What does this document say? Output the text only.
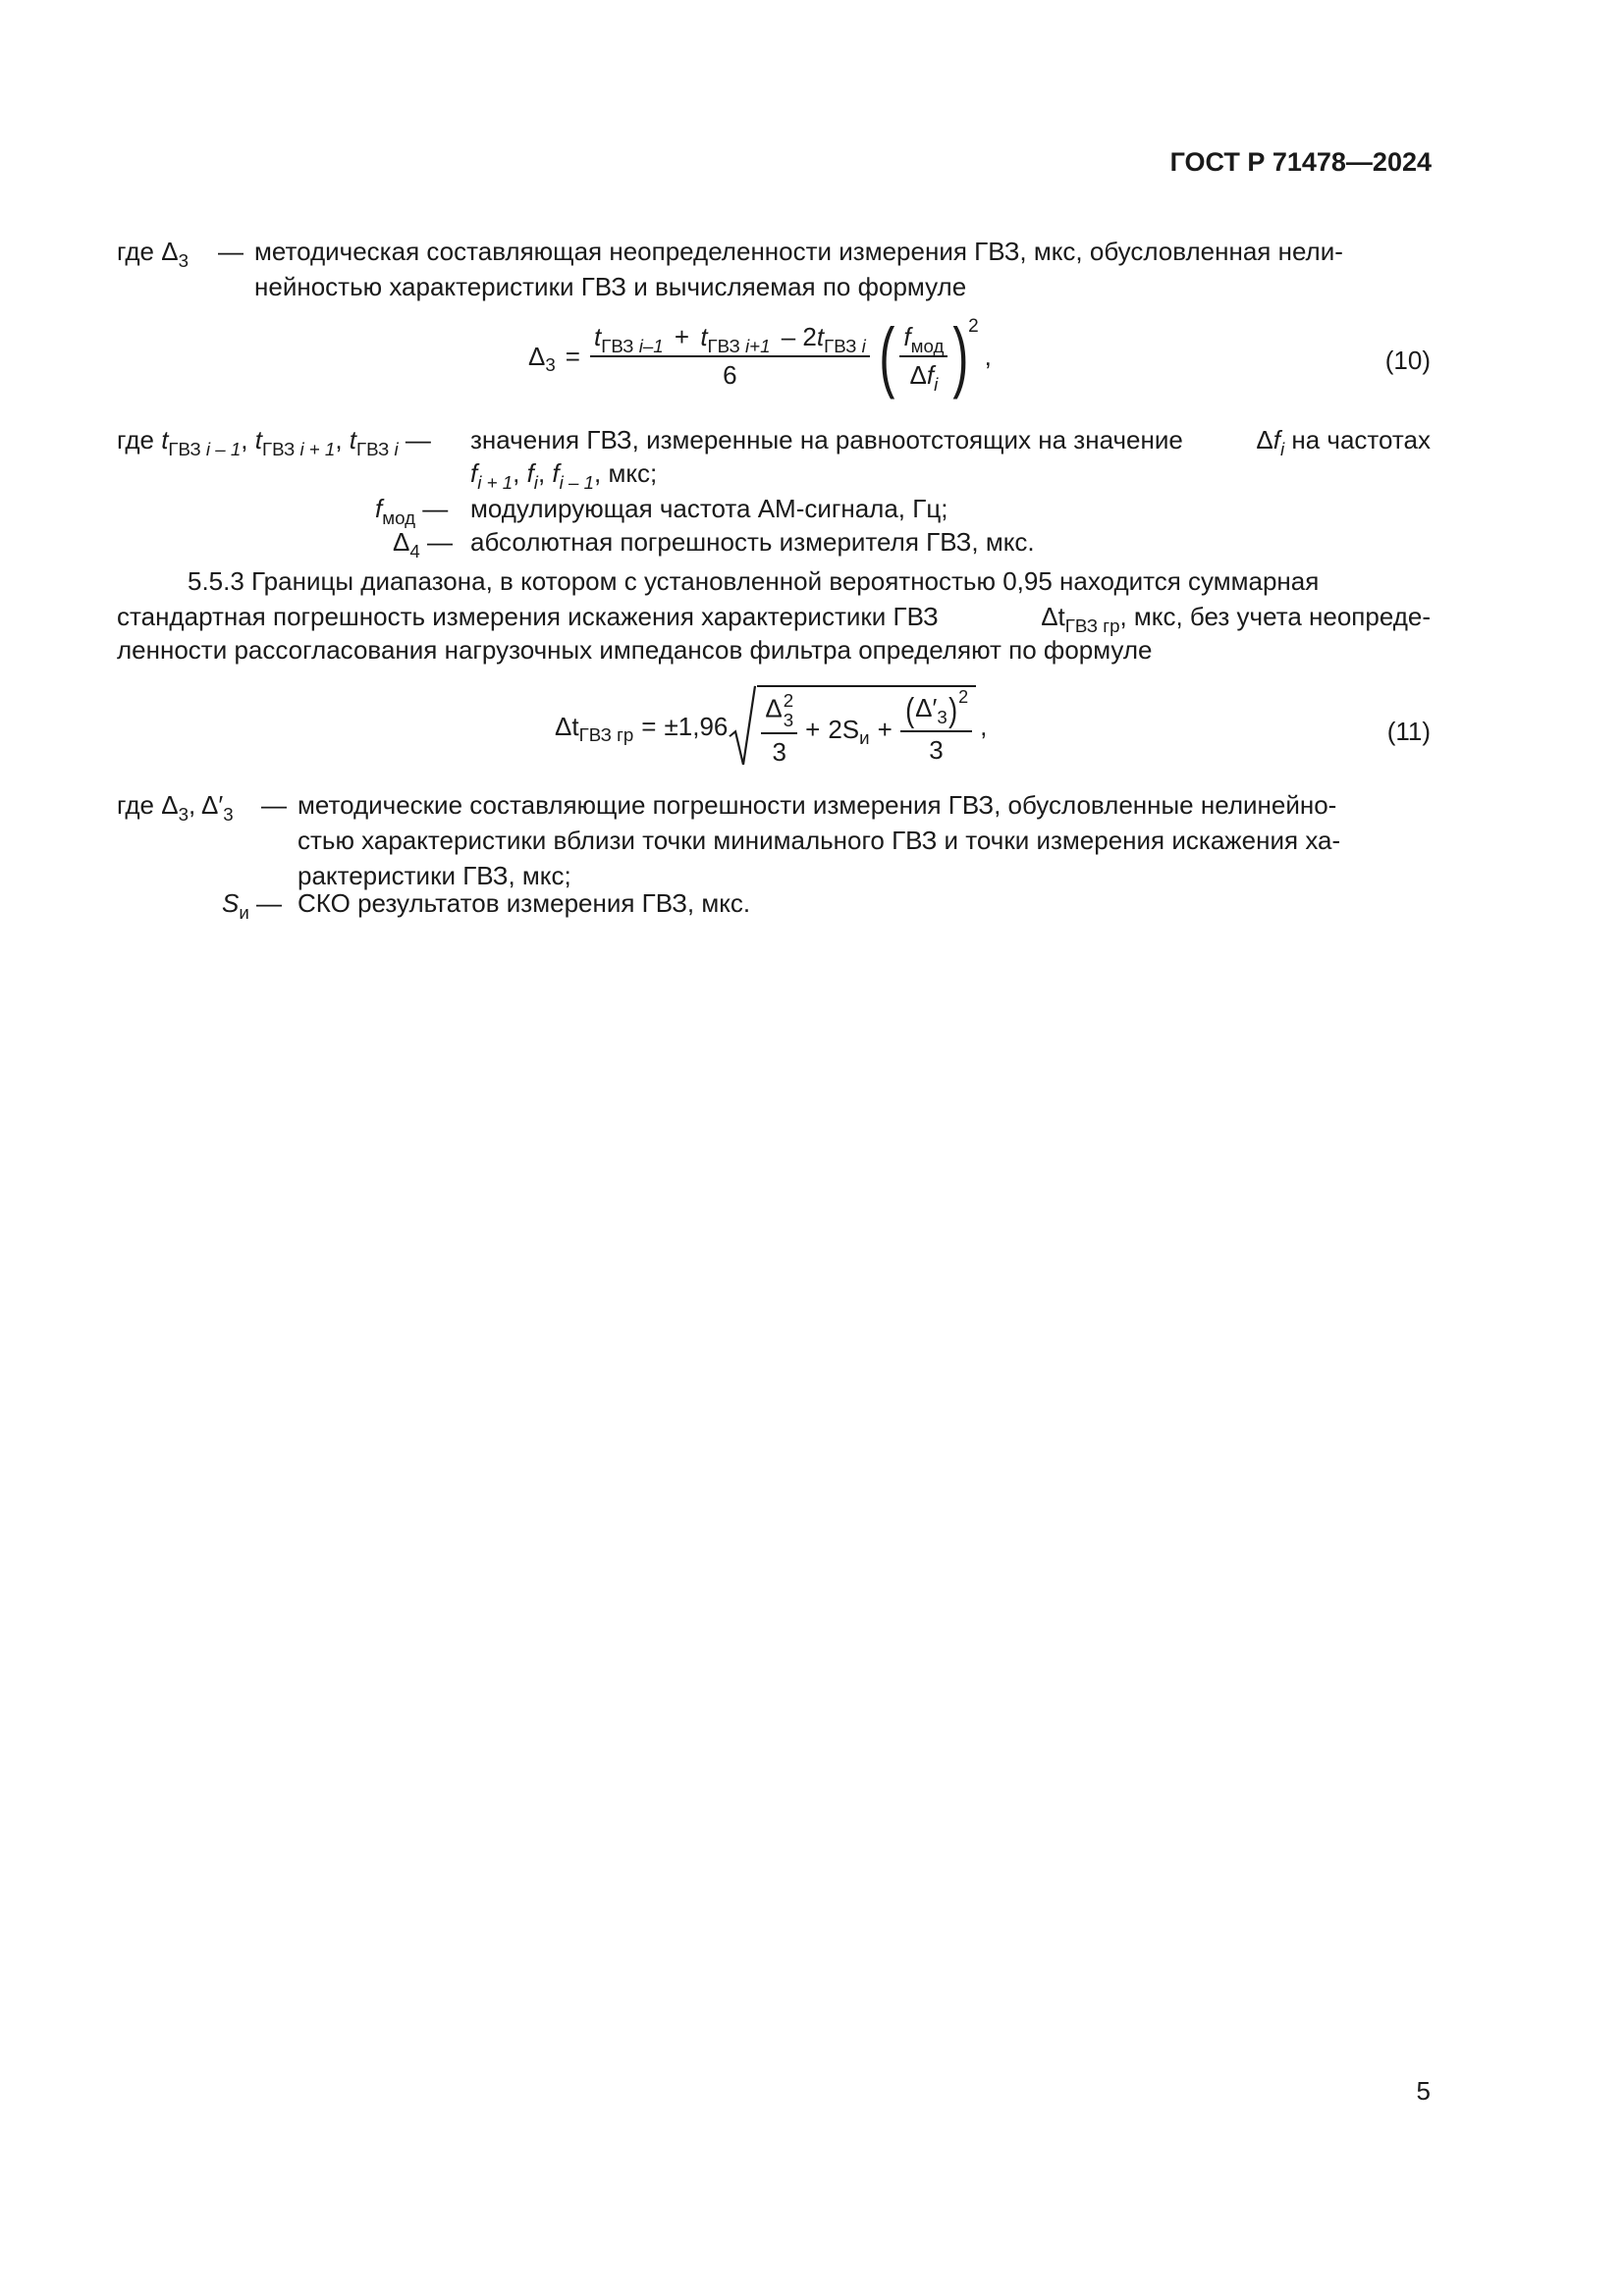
ГОСТ Р 71478—2024
где $\Delta_3$ — методическая составляющая неопределенности измерения ГВЗ, мкс, обусловленная нели-
нейностью характеристики ГВЗ и вычисляемая по формуле
$\Delta_3 = \frac{t_{ГВЗ i-1} + t_{ГВЗ i+1} - 2t_{ГВЗ i}}{6}$ ( $\frac{f_{мод}}{\Delta f_i}$ ) 2
,	(10)
где $t_{ГВЗ i - 1}$, $t_{ГВЗ i + 1}$, $t_{ГВЗ i}$ — значения ГВЗ, измеренные на равноотстоящих на значение	$\Delta f_i$ на частотах
$f_{i + 1}$, $f_i$, $f_{i - 1}$, мкс;
$f_{мод}$ — модулирующая частота АМ-сигнала, Гц;
$\Delta_4$ — абсолютная погрешность измерителя ГВЗ, мкс.
5.5.3 Границы диапазона, в котором с установленной вероятностью 0,95 находится суммарная
стандартная погрешность измерения искажения характеристики ГВЗ	$\Delta t_{ГВЗ гр}$, мкс, без учета неопреде-
ленности рассогласования нагрузочных импедансов фильтра определяют по формуле
$\Delta t_{ГВЗ гр} = \pm 1,96$ Δ 2
3
$3 + 2S_и + \frac{(\Delta'_3)^2}{3}$ ,	(11)
где $\Delta_3$, $\Delta'_3$ — методические составляющие погрешности измерения ГВЗ, обусловленные нелинейно-
стью характеристики вблизи точки минимального ГВЗ и точки измерения искажения ха-
рактеристики ГВЗ, мкс;
$S_и$ — СКО результатов измерения ГВЗ, мкс.
5
